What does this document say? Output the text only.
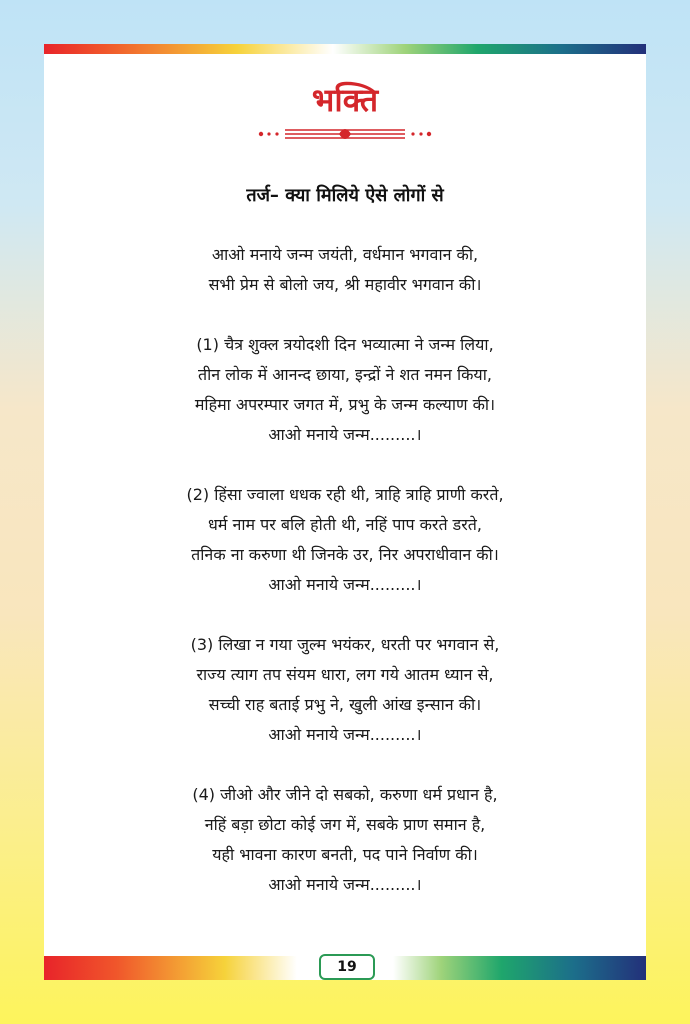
भक्ति
तर्ज– क्या मिलिये ऐसे लोगों से
आओ मनाये जन्म जयंती, वर्धमान भगवान की,
सभी प्रेम से बोलो जय, श्री महावीर भगवान की।
(1) चैत्र शुक्ल त्रयोदशी दिन भव्यात्मा ने जन्म लिया,
तीन लोक में आनन्द छाया, इन्द्रों ने शत नमन किया,
महिमा अपरम्पार जगत में, प्रभु के जन्म कल्याण की।
आओ मनाये जन्म.........।
(2) हिंसा ज्वाला धधक रही थी, त्राहि त्राहि प्राणी करते,
धर्म नाम पर बलि होती थी, नहिं पाप करते डरते,
तनिक ना करुणा थी जिनके उर, निर अपराधीवान की।
आओ मनाये जन्म.........।
(3) लिखा न गया जुल्म भयंकर, धरती पर भगवान से,
राज्य त्याग तप संयम धारा, लग गये आतम ध्यान से,
सच्ची राह बताई प्रभु ने, खुली आंख इन्सान की।
आओ मनाये जन्म.........।
(4) जीओ और जीने दो सबको, करुणा धर्म प्रधान है,
नहिं बड़ा छोटा कोई जग में, सबके प्राण समान है,
यही भावना कारण बनती, पद पाने निर्वाण की।
आओ मनाये जन्म.........।
19
